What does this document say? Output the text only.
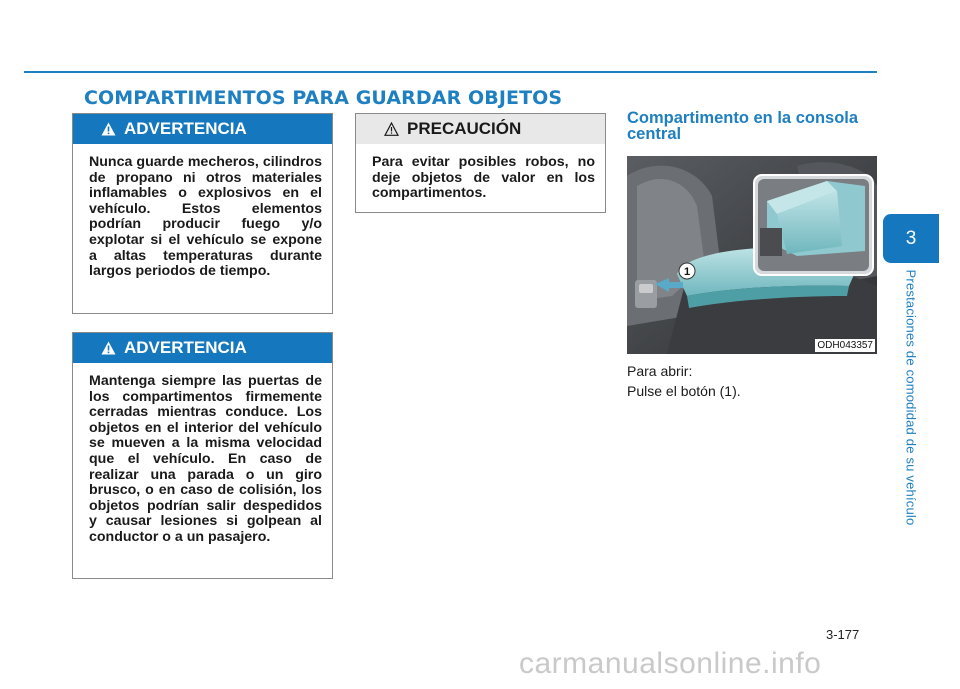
COMPARTIMENTOS PARA GUARDAR OBJETOS
ADVERTENCIA
Nunca guarde mecheros, cilindros de propano ni otros materiales inflamables o explosivos en el vehículo. Estos elementos podrían producir fuego y/o explotar si el vehículo se expone a altas temperaturas durante largos periodos de tiempo.
ADVERTENCIA
Mantenga siempre las puertas de los compartimentos firmemente cerradas mientras conduce. Los objetos en el interior del vehículo se mueven a la misma velocidad que el vehículo. En caso de realizar una parada o un giro brusco, o en caso de colisión, los objetos podrían salir despedidos y causar lesiones si golpean al conductor o a un pasajero.
PRECAUCIÓN
Para evitar posibles robos, no deje objetos de valor en los compartimentos.
Compartimento en la consola central
1
ODH043357

Para abrir:

Pulse el botón (1).

3
Prestaciones de comodidad de su vehículo
3-177
carmanualsonline.info
